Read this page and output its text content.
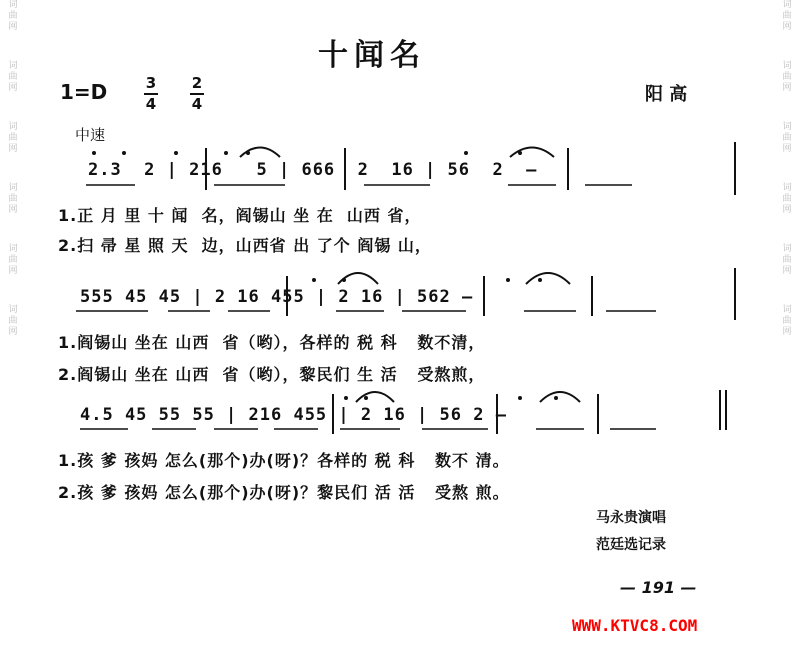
词
曲
网
词
曲
网
词
曲
网
词
曲
网
词
曲
网
词
曲
网
词
曲
网
词
曲
网
词
曲
网
词
曲
网
词
曲
网
词
曲
网
十闻名
1=D	3
4
2
4	阳 高
中速
2.3  2 | 216   5 | 666  2  16 | 56  2  —
1.正 月 里 十 闻  名，阎锡山 坐 在  山西 省，
2.扫 帚 星 照 天  边，山西省 出 了个 阎锡 山，
555 45 45 | 2 16 455 | 2 16 | 562 —
1.阎锡山 坐在 山西  省（哟），各样的 税 科   数不清，
2.阎锡山 坐在 山西  省（哟），黎民们 生 活   受熬煎，
4.5 45 55 55 | 216 455 | 2 16 | 56 2 —
1.孩 爹 孩妈 怎么(那个)办(呀)？各样的 税 科   数不 清。
2.孩 爹 孩妈 怎么(那个)办(呀)？黎民们 活 活   受熬 煎。
马永贵演唱
范廷选记录
— 191 —
WWW.KTVC8.COM
